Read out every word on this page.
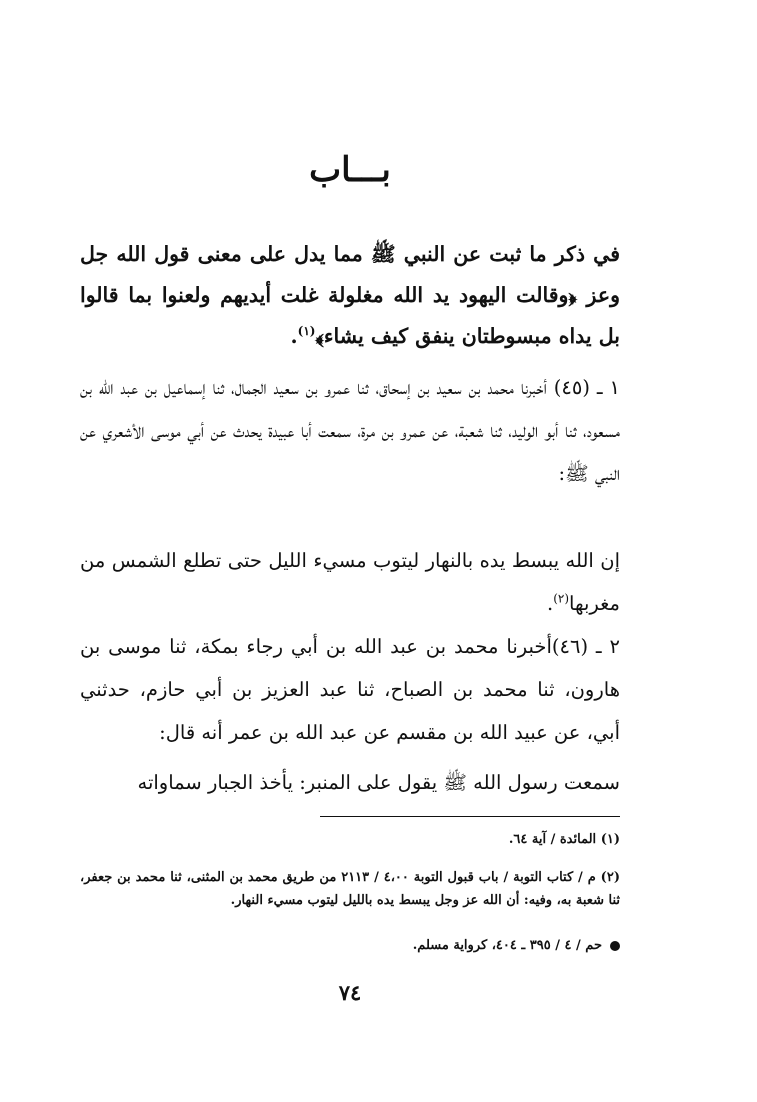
بـــاب
في ذكر ما ثبت عن النبي ﷺ مما يدل على معنى قول الله جل وعز ﴿وقالت اليهود يد الله مغلولة غلت أيديهم ولعنوا بما قالوا بل يداه مبسوطتان ينفق كيف يشاء﴾$^{(١)}$.
١ ـ (٤٥) أخبرنا محمد بن سعيد بن إسحاق، ثنا عمرو بن سعيد الجمال، ثنا إسماعيل بن عبد الله بن مسعود، ثنا أبو الوليد، ثنا شعبة، عن عمرو بن مرة، سمعت أبا عبيدة يحدث عن أبي موسى الأشعري عن النبي ﷺ:
إن الله يبسط يده بالنهار ليتوب مسيء الليل حتى تطلع الشمس من مغربها$^{(٢)}$.
٢ ـ (٤٦)أخبرنا محمد بن عبد الله بن أبي رجاء بمكة، ثنا موسى بن هارون، ثنا محمد بن الصباح، ثنا عبد العزيز بن أبي حازم، حدثني أبي، عن عبيد الله بن مقسم عن عبد الله بن عمر أنه قال:
سمعت رسول الله ﷺ يقول على المنبر: يأخذ الجبار سماواته
(١) المائدة / آية ٦٤.
(٢) م / كتاب التوبة / باب قبول التوبة ٤،٠٠ / ٢١١٣ من طريق محمد بن المثنى، ثنا محمد بن جعفر، ثنا شعبة به، وفيه: أن الله عز وجل يبسط يده بالليل ليتوب مسيء النهار.
حم / ٤ / ٣٩٥ ـ ٤٠٤، كرواية مسلم.
٧٤
